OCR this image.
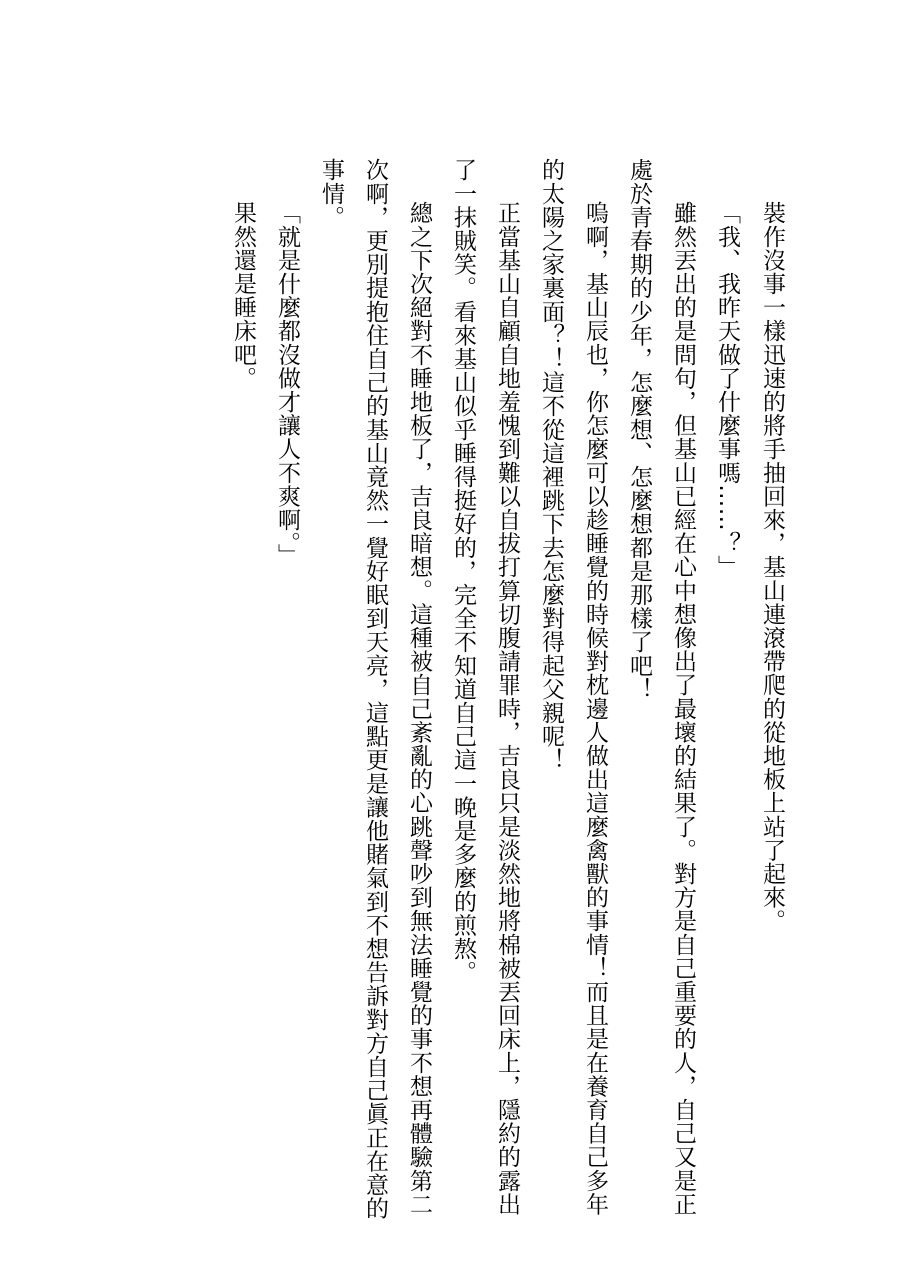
裝作沒事一樣迅速的將手抽回來，基山連滾帶爬的從地板上站了起來。
「我、我昨天做了什麼事嗎……？」
雖然丟出的是問句，但基山已經在心中想像出了最壞的結果了。對方是自己重要的人，自己又是正
處於青春期的少年，怎麼想、怎麼想都是那樣了吧！
嗚啊，基山辰也，你怎麼可以趁睡覺的時候對枕邊人做出這麼禽獸的事情！而且是在養育自己多年
的太陽之家裏面？！這不從這裡跳下去怎麼對得起父親呢！
正當基山自顧自地羞愧到難以自拔打算切腹請罪時，吉良只是淡然地將棉被丟回床上，隱約的露出
了一抹賊笑。看來基山似乎睡得挺好的，完全不知道自己這一晚是多麼的煎熬。
總之下次絕對不睡地板了，吉良暗想。這種被自己紊亂的心跳聲吵到無法睡覺的事不想再體驗第二
次啊，更別提抱住自己的基山竟然一覺好眠到天亮，這點更是讓他賭氣到不想告訴對方自己眞正在意的
事情。
「就是什麼都沒做才讓人不爽啊。」
果然還是睡床吧。
